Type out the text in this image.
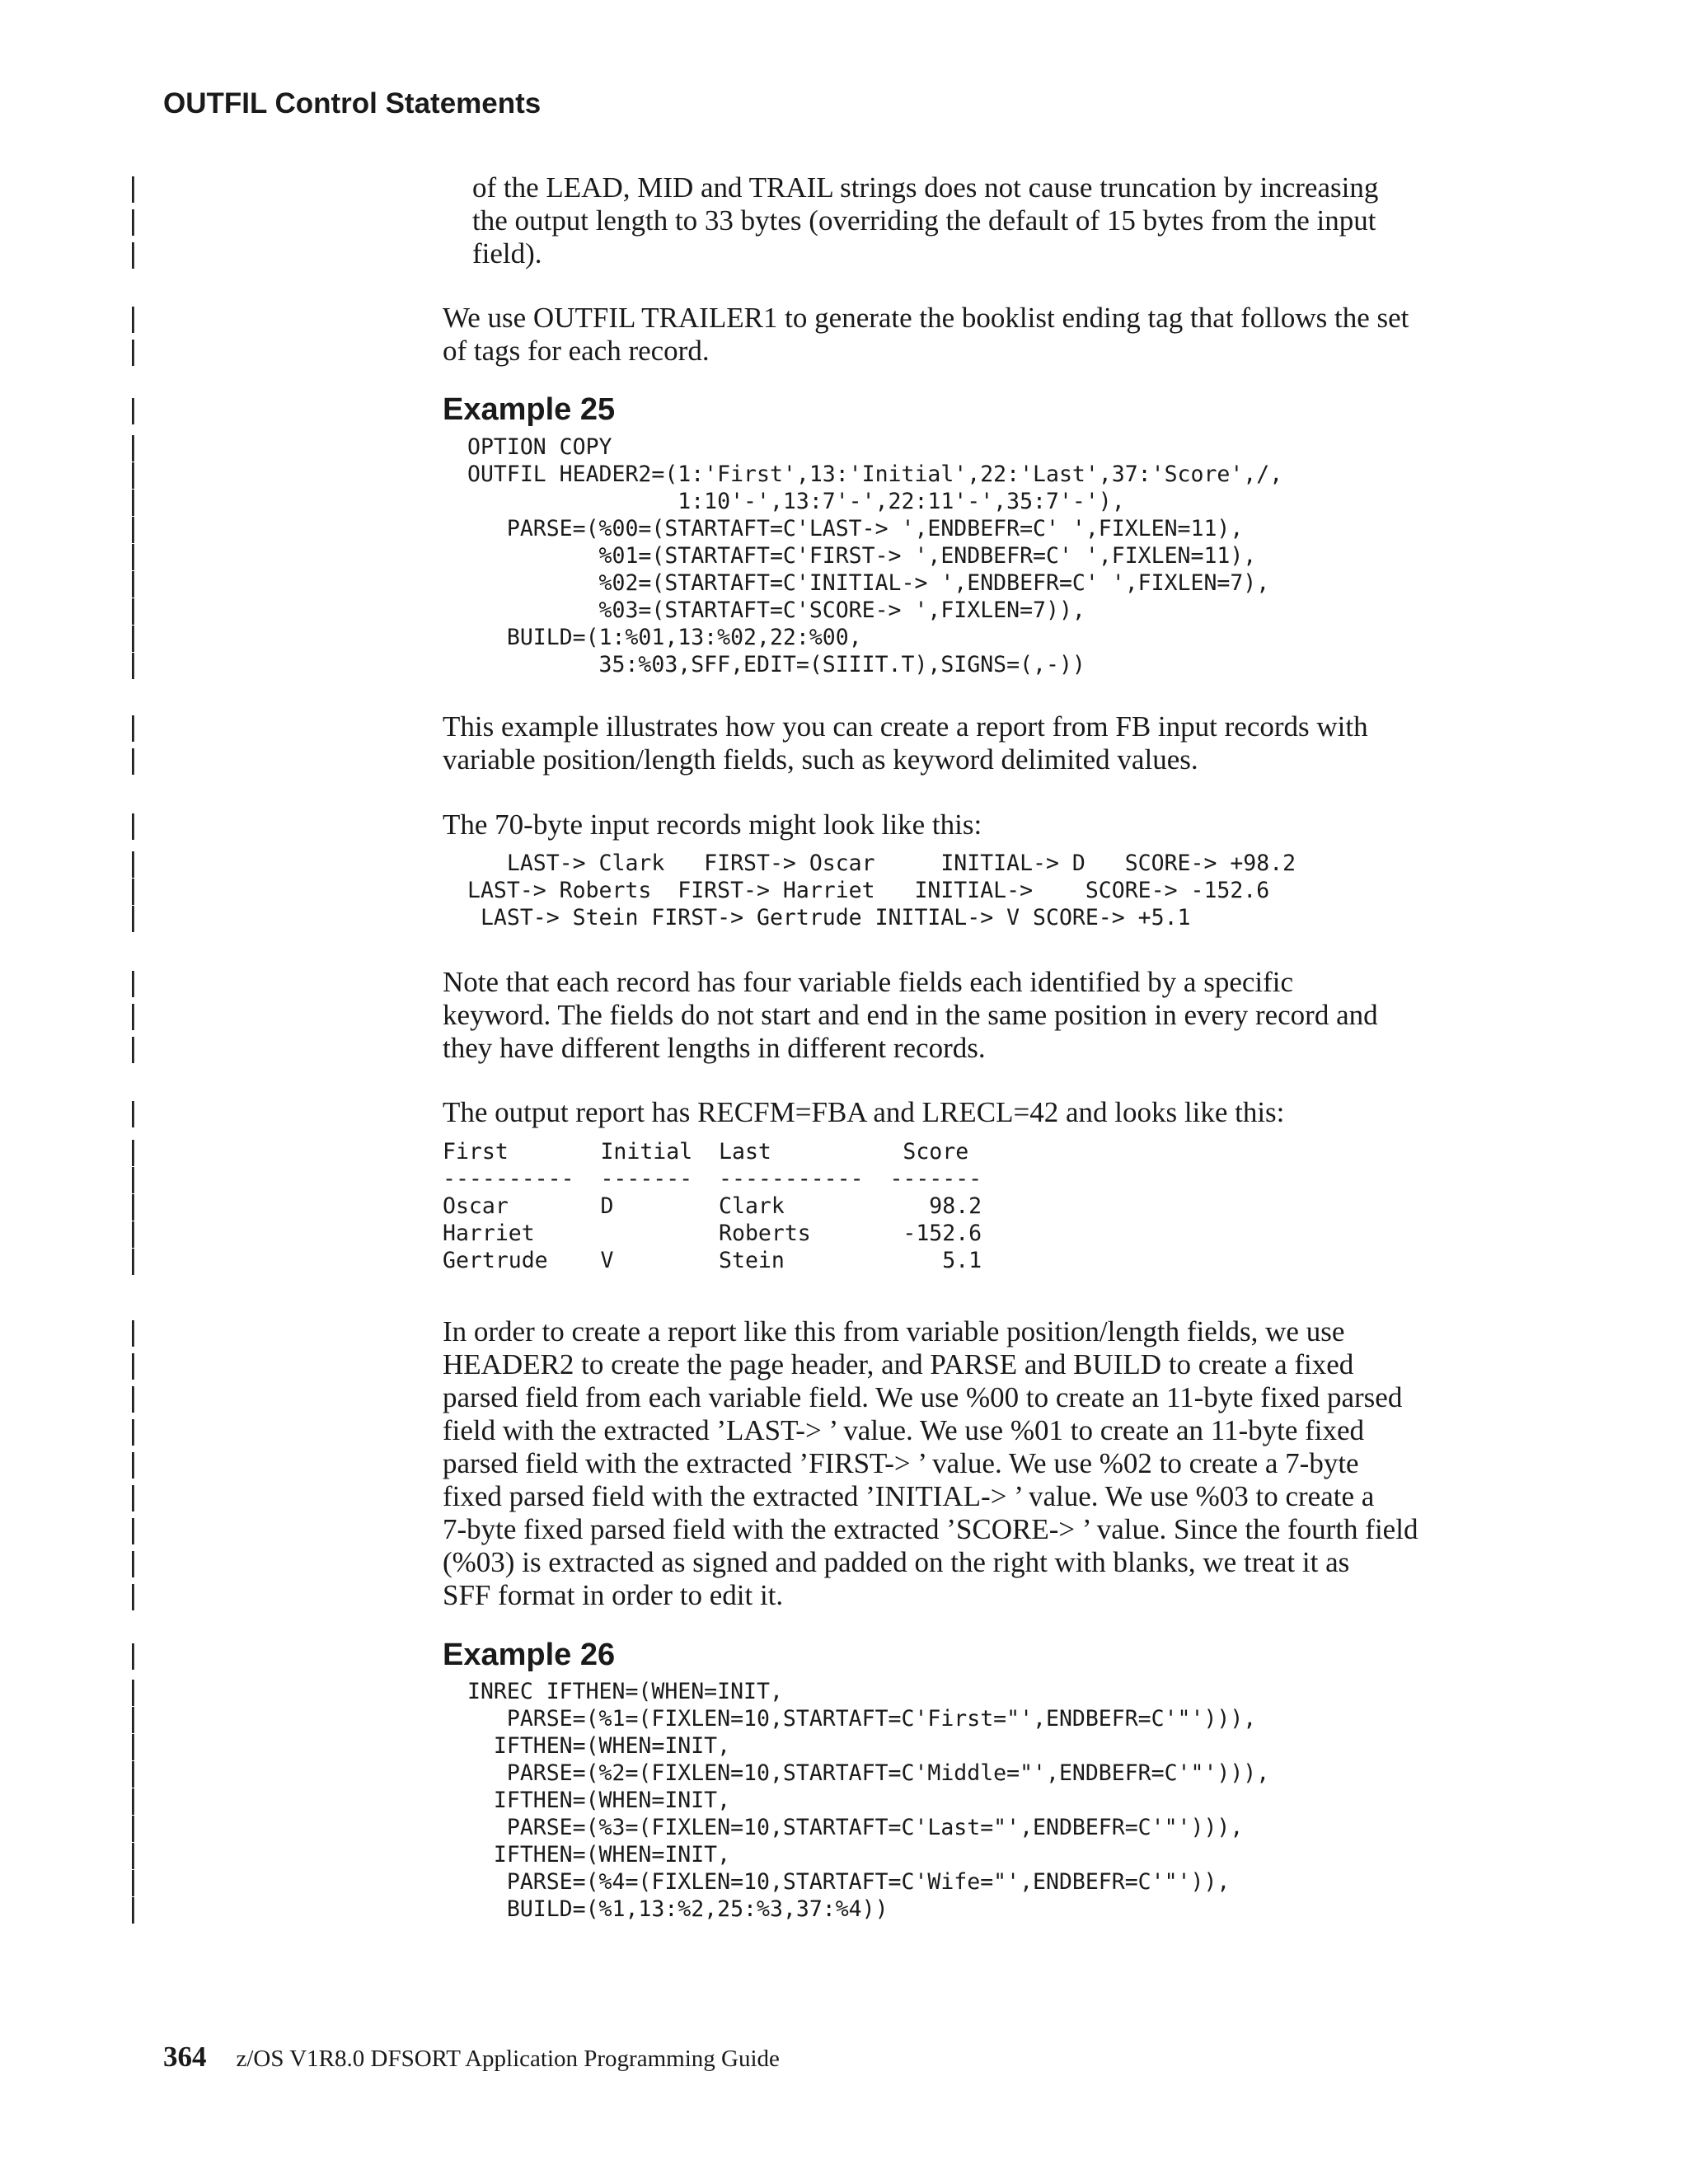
OUTFIL Control Statements
|
|
|
of the LEAD, MID and TRAIL strings does not cause truncation by increasing
the output length to 33 bytes (overriding the default of 15 bytes from the input
field).
|
|
We use OUTFIL TRAILER1 to generate the booklist ending tag that follows the set
of tags for each record.
|	Example 25
|
|
|
|
|
|
|
|
|
OPTION COPY
OUTFIL HEADER2=(1:'First',13:'Initial',22:'Last',37:'Score',/,
1:10'-',13:7'-',22:11'-',35:7'-'),
PARSE=(%00=(STARTAFT=C'LAST-> ',ENDBEFR=C' ',FIXLEN=11),
%01=(STARTAFT=C'FIRST-> ',ENDBEFR=C' ',FIXLEN=11),
%02=(STARTAFT=C'INITIAL-> ',ENDBEFR=C' ',FIXLEN=7),
%03=(STARTAFT=C'SCORE-> ',FIXLEN=7)),
BUILD=(1:%01,13:%02,22:%00,
35:%03,SFF,EDIT=(SIIIT.T),SIGNS=(,-))
|
|
This example illustrates how you can create a report from FB input records with
variable position/length fields, such as keyword delimited values.
|	The 70-byte input records might look like this:
|
|
|
LAST-> Clark   FIRST-> Oscar     INITIAL-> D   SCORE-> +98.2
LAST-> Roberts  FIRST-> Harriet   INITIAL->    SCORE-> -152.6
LAST-> Stein FIRST-> Gertrude INITIAL-> V SCORE-> +5.1
|
|
|
Note that each record has four variable fields each identified by a specific
keyword. The fields do not start and end in the same position in every record and
they have different lengths in different records.
|	The output report has RECFM=FBA and LRECL=42 and looks like this:
|
|
|
|
|
First       Initial  Last          Score
----------  -------  -----------  -------
Oscar       D        Clark           98.2
Harriet              Roberts       -152.6
Gertrude    V        Stein            5.1
|
|
|
|
|
|
|
|
|
In order to create a report like this from variable position/length fields, we use
HEADER2 to create the page header, and PARSE and BUILD to create a fixed
parsed field from each variable field. We use %00 to create an 11-byte fixed parsed
field with the extracted ’LAST-> ’ value. We use %01 to create an 11-byte fixed
parsed field with the extracted ’FIRST-> ’ value. We use %02 to create a 7-byte
fixed parsed field with the extracted ’INITIAL-> ’ value. We use %03 to create a
7-byte fixed parsed field with the extracted ’SCORE-> ’ value. Since the fourth field
(%03) is extracted as signed and padded on the right with blanks, we treat it as
SFF format in order to edit it.
|	Example 26
|
|
|
|
|
|
|
|
|
INREC IFTHEN=(WHEN=INIT,
PARSE=(%1=(FIXLEN=10,STARTAFT=C'First="',ENDBEFR=C'"'))),
IFTHEN=(WHEN=INIT,
PARSE=(%2=(FIXLEN=10,STARTAFT=C'Middle="',ENDBEFR=C'"'))),
IFTHEN=(WHEN=INIT,
PARSE=(%3=(FIXLEN=10,STARTAFT=C'Last="',ENDBEFR=C'"'))),
IFTHEN=(WHEN=INIT,
PARSE=(%4=(FIXLEN=10,STARTAFT=C'Wife="',ENDBEFR=C'"')),
BUILD=(%1,13:%2,25:%3,37:%4))
364 z/OS V1R8.0 DFSORT Application Programming Guide
